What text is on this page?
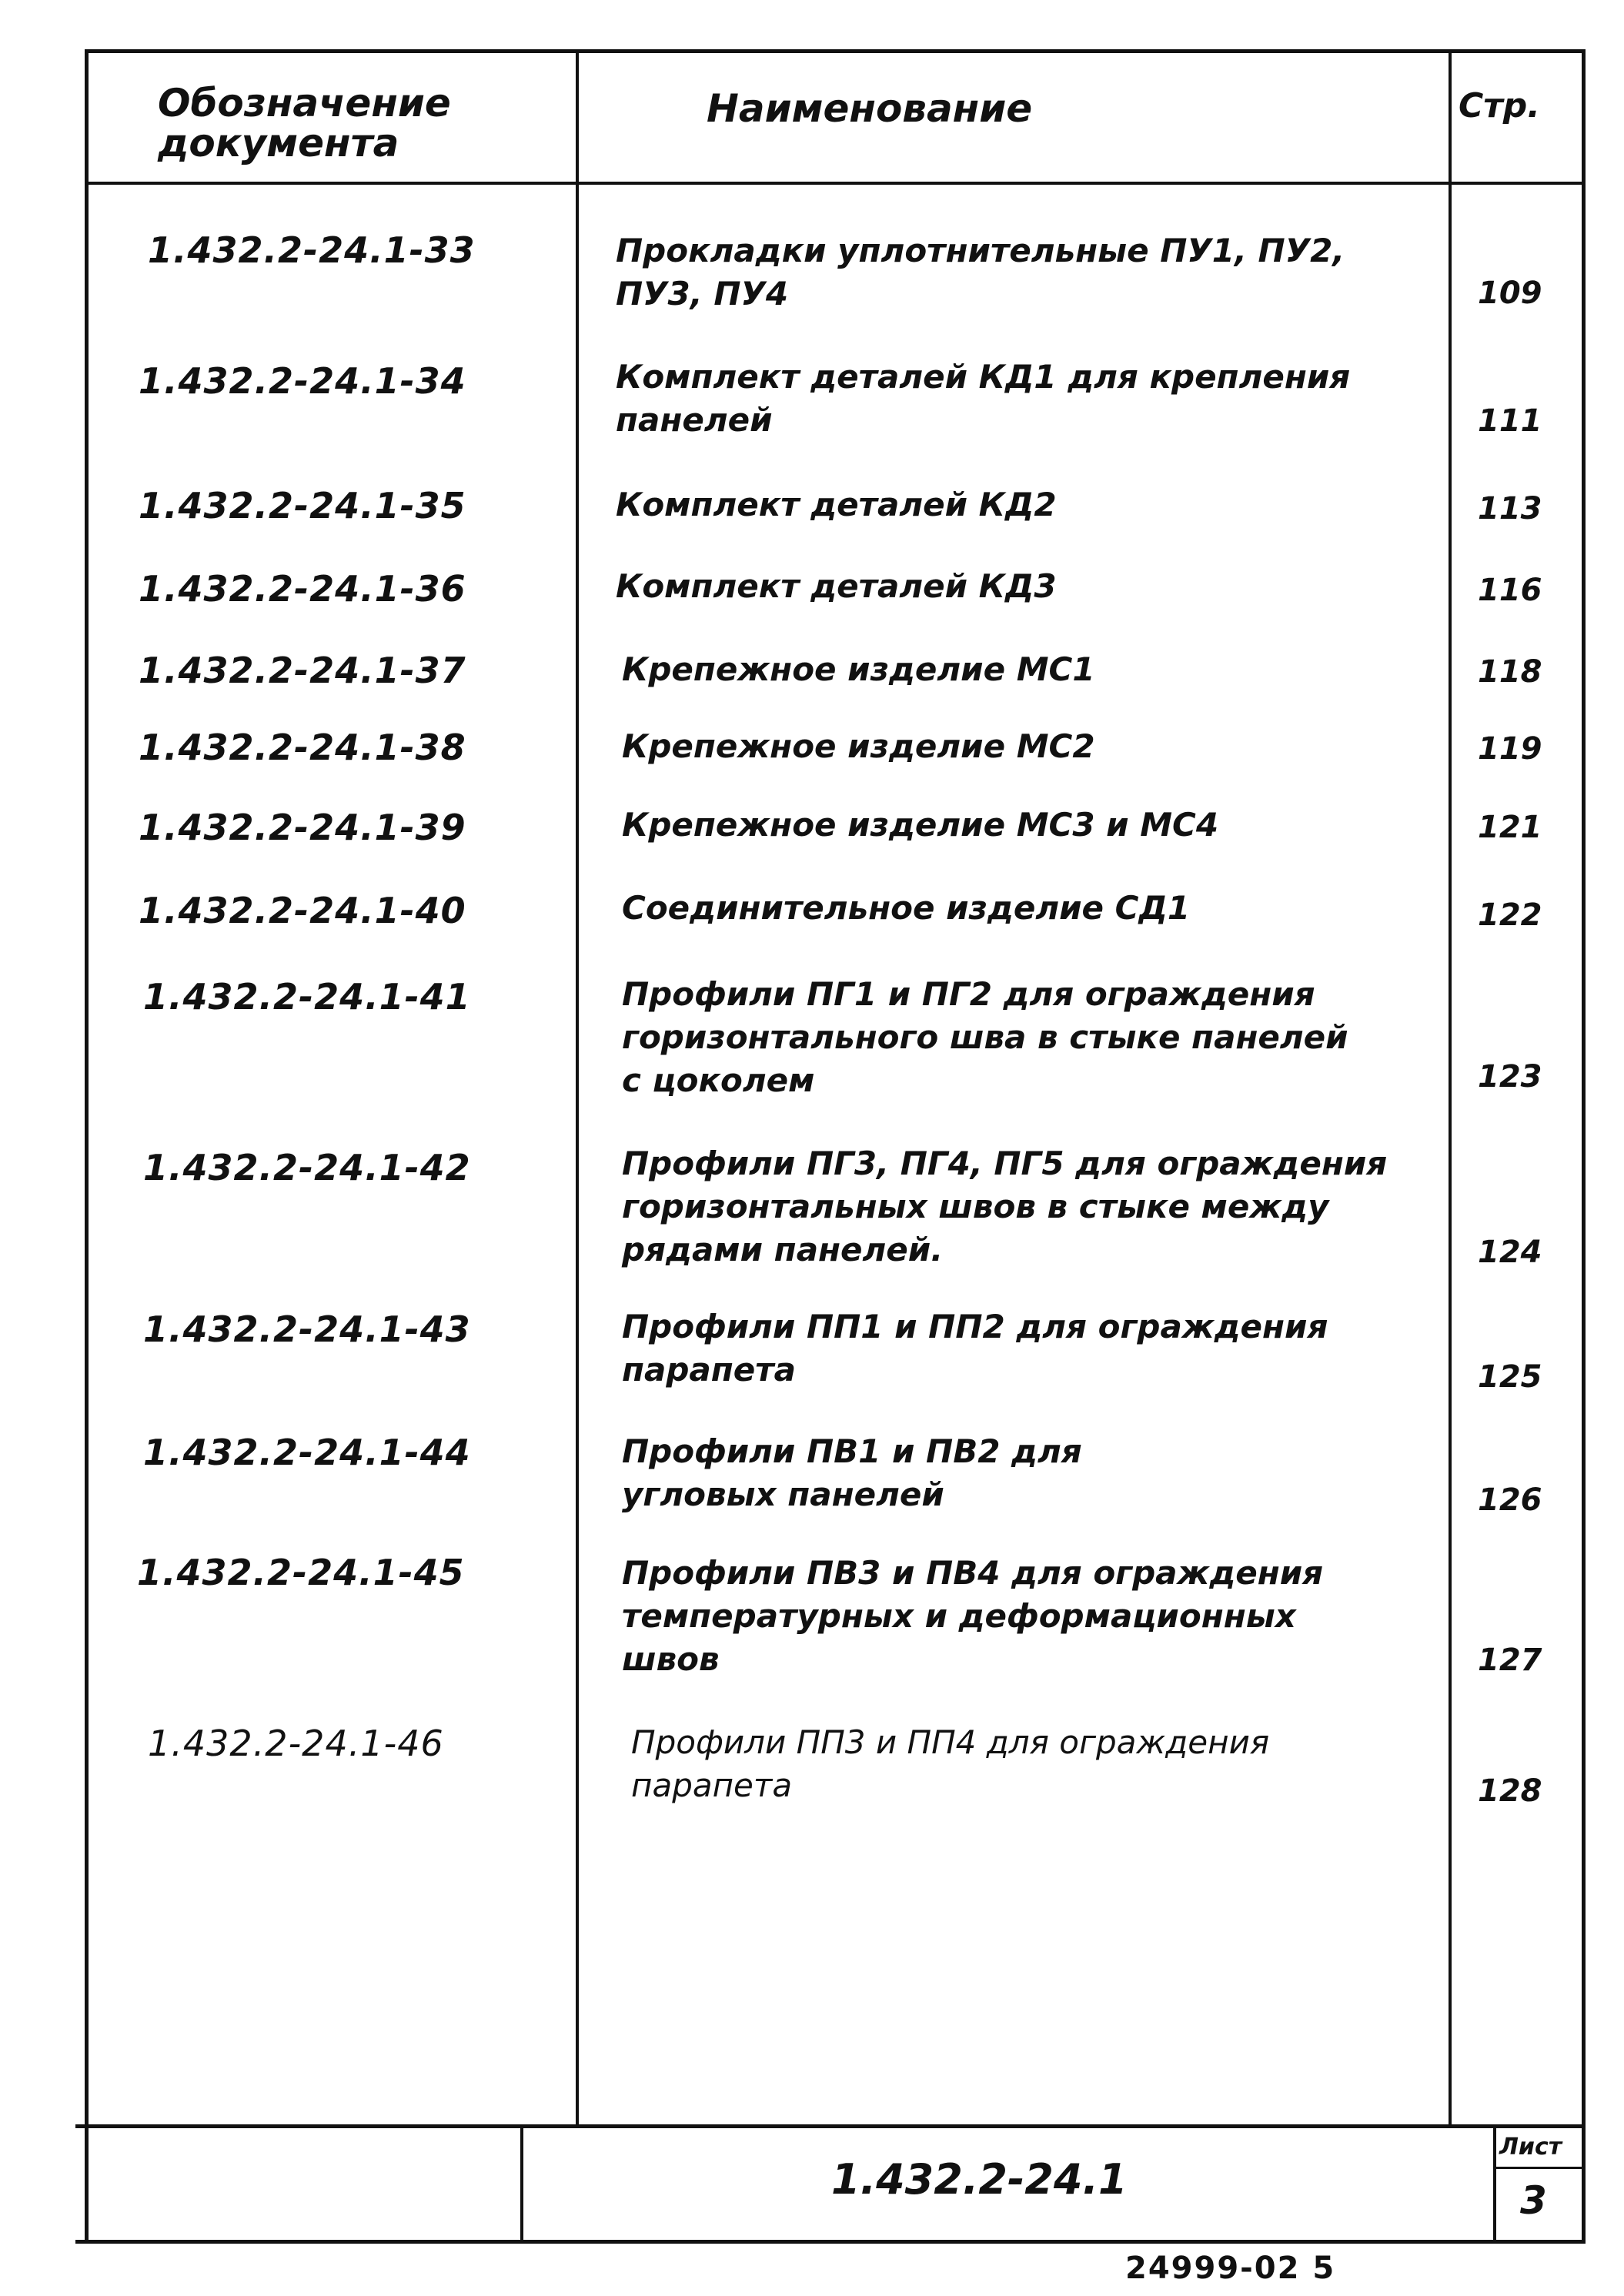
Обозначение
документа
Наименование	Стр.
1.432.2-24.1-33	Прокладки уплотнительные ПУ1, ПУ2,
ПУ3, ПУ4	109
1.432.2-24.1-34	Комплект деталей КД1 для крепления
панелей	111
1.432.2-24.1-35	Комплект деталей КД2	113
1.432.2-24.1-36	Комплект деталей КД3	116
1.432.2-24.1-37	Крепежное изделие МС1	118
1.432.2-24.1-38	Крепежное изделие МС2	119
1.432.2-24.1-39	Крепежное изделие МС3 и МС4	121
1.432.2-24.1-40	Соединительное изделие СД1	122
1.432.2-24.1-41	Профили ПГ1 и ПГ2 для ограждения
горизонтального шва в стыке панелей
с цоколем	123
1.432.2-24.1-42	Профили ПГ3, ПГ4, ПГ5 для ограждения
горизонтальных швов в стыке между
рядами панелей.	124
1.432.2-24.1-43	Профили ПП1 и ПП2 для ограждения
парапета	125
1.432.2-24.1-44	Профили ПВ1 и ПВ2 для
угловых панелей	126
1.432.2-24.1-45	Профили ПВ3 и ПВ4 для ограждения
температурных и деформационных
швов	127
1.432.2-24.1-46	Профили ПП3 и ПП4 для ограждения
парапета	128
1.432.2-24.1
Лист
3
24999-02 5
